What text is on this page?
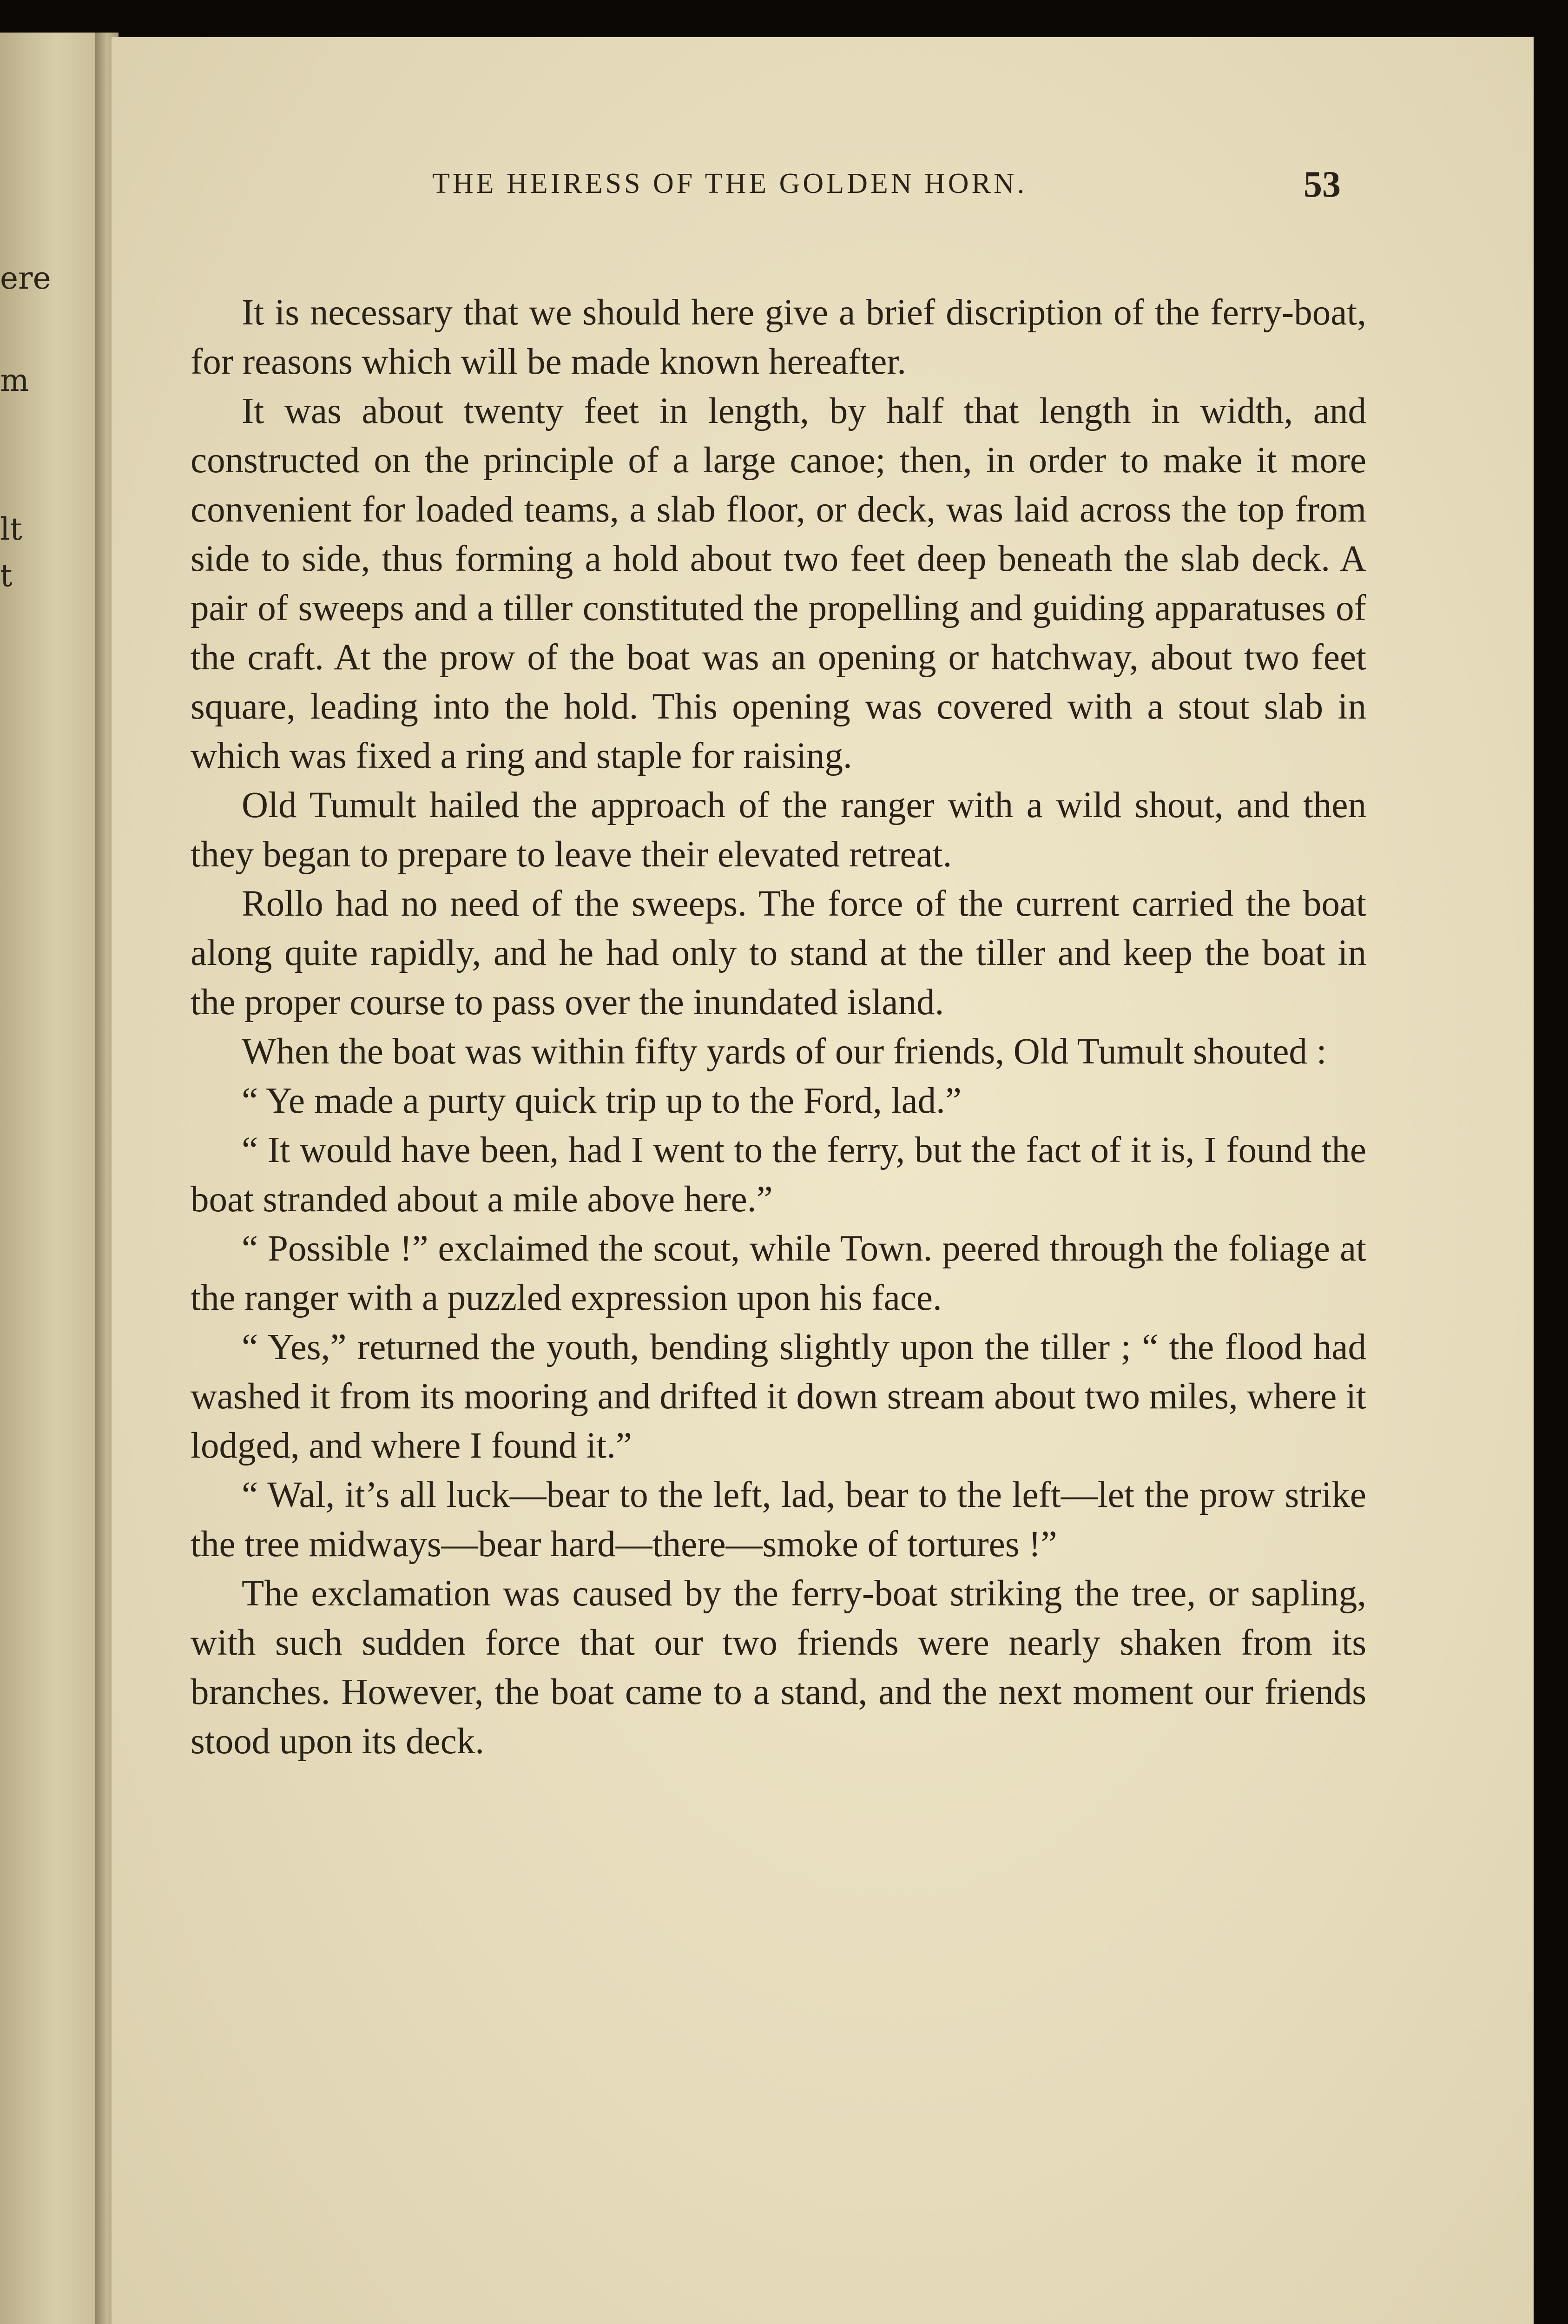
ere
m
lt
t
THE HEIRESS OF THE GOLDEN HORN.	53

It is necessary that we should here give a brief discription of the ferry-boat, for reasons which will be made known hereafter.

It was about twenty feet in length, by half that length in width, and constructed on the principle of a large canoe; then, in order to make it more convenient for loaded teams, a slab floor, or deck, was laid across the top from side to side, thus forming a hold about two feet deep beneath the slab deck. A pair of sweeps and a tiller constituted the propelling and guiding apparatuses of the craft. At the prow of the boat was an opening or hatchway, about two feet square, leading into the hold. This opening was covered with a stout slab in which was fixed a ring and staple for raising.

Old Tumult hailed the approach of the ranger with a wild shout, and then they began to prepare to leave their elevated retreat.

Rollo had no need of the sweeps. The force of the current carried the boat along quite rapidly, and he had only to stand at the tiller and keep the boat in the proper course to pass over the inundated island.

When the boat was within fifty yards of our friends, Old Tumult shouted :

“ Ye made a purty quick trip up to the Ford, lad.”

“ It would have been, had I went to the ferry, but the fact of it is, I found the boat stranded about a mile above here.”

“ Possible !” exclaimed the scout, while Town. peered through the foliage at the ranger with a puzzled expression upon his face.

“ Yes,” returned the youth, bending slightly upon the tiller ; “ the flood had washed it from its mooring and drifted it down stream about two miles, where it lodged, and where I found it.”

“ Wal, it’s all luck—bear to the left, lad, bear to the left—let the prow strike the tree midways—bear hard—there—smoke of tortures !”

The exclamation was caused by the ferry-boat striking the tree, or sapling, with such sudden force that our two friends were nearly shaken from its branches. However, the boat came to a stand, and the next moment our friends stood upon its deck.
